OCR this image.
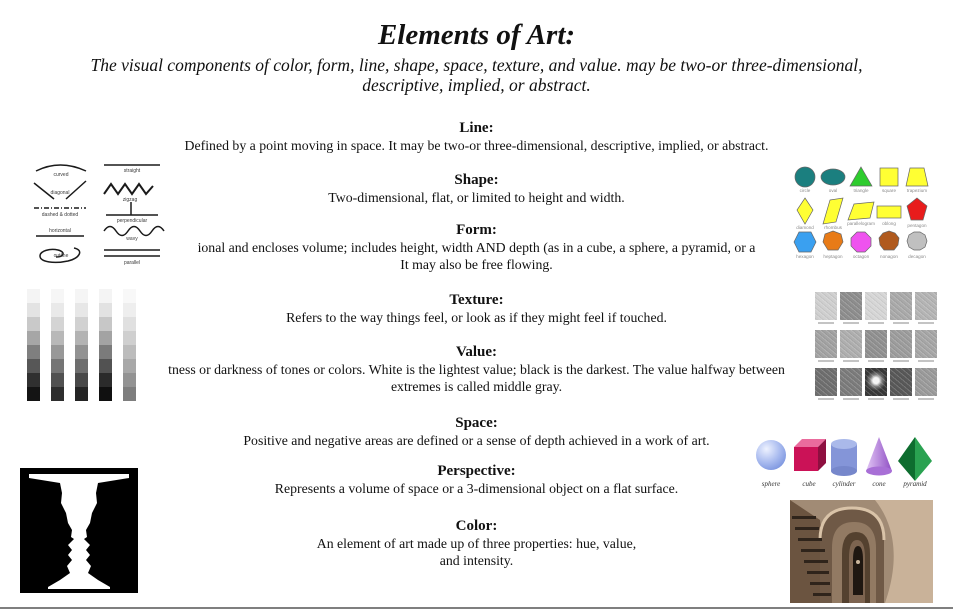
Elements of Art:
The visual components of color, form, line, shape, space, texture, and value. may be two-or three-dimensional,
descriptive, implied, or abstract.
Line:
Defined by a point moving in space. It may be two-or three-dimensional, descriptive, implied, or abstract.
Shape:
Two-dimensional, flat, or limited to height and width.
Form:
ional and encloses volume; includes height, width AND depth (as in a cube, a sphere, a pyramid, or a
It may also be free flowing.
Texture:
Refers to the way things feel, or look as if they might feel if touched.
Value:
tness or darkness of tones or colors. White is the lightest value; black is the darkest. The value halfway between
extremes is called middle gray.
Space:
Positive and negative areas are defined or a sense of depth achieved in a work of art.
Perspective:
Represents a volume of space or a 3-dimensional object on a flat surface.
Color:
An element of art made up of three properties: hue, value,
and intensity.
curved
straight
diagonal
zigzag
dashed & dotted
perpendicular
horizontal
wavy
outline
parallel
circle	oval	triangle	square trapezium
diamond rhombus
parallelogram oblong	pentagon
hexagon heptagon octagon nonagon decagon
sphere	cube cylinder cone	pyramid
